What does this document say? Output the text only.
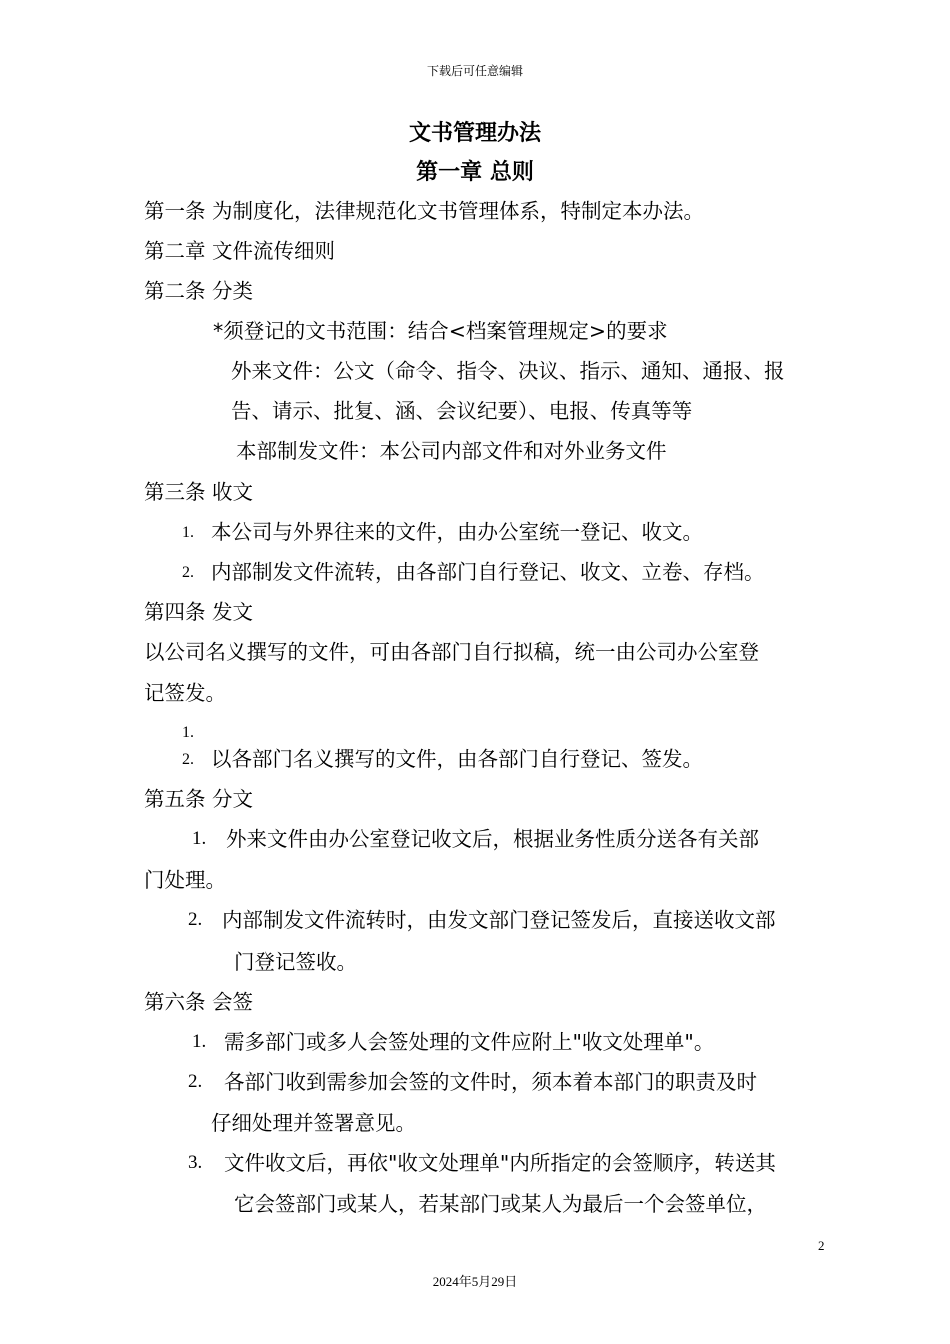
下载后可任意编辑
文书管理办法
第一章 总则
第一条 为制度化，法律规范化文书管理体系，特制定本办法。
第二章 文件流传细则
第二条 分类
*须登记的文书范围：结合<档案管理规定>的要求
外来文件：公文（命令、指令、决议、指示、通知、通报、报
告、请示、批复、涵、会议纪要）、电报、传真等等
本部制发文件：本公司内部文件和对外业务文件
第三条 收文
1. 本公司与外界往来的文件，由办公室统一登记、收文。
2. 内部制发文件流转，由各部门自行登记、收文、立卷、存档。
第四条 发文
以公司名义撰写的文件，可由各部门自行拟稿，统一由公司办公室登
记签发。
1.
2. 以各部门名义撰写的文件，由各部门自行登记、签发。
第五条 分文
1. 外来文件由办公室登记收文后，根据业务性质分送各有关部
门处理。
2. 内部制发文件流转时，由发文部门登记签发后，直接送收文部
门登记签收。
第六条 会签
1. 需多部门或多人会签处理的文件应附上"收文处理单"。
2. 各部门收到需参加会签的文件时，须本着本部门的职责及时
仔细处理并签署意见。
3. 文件收文后，再依"收文处理单"内所指定的会签顺序，转送其
它会签部门或某人，若某部门或某人为最后一个会签单位，
2
2024年5月29日
